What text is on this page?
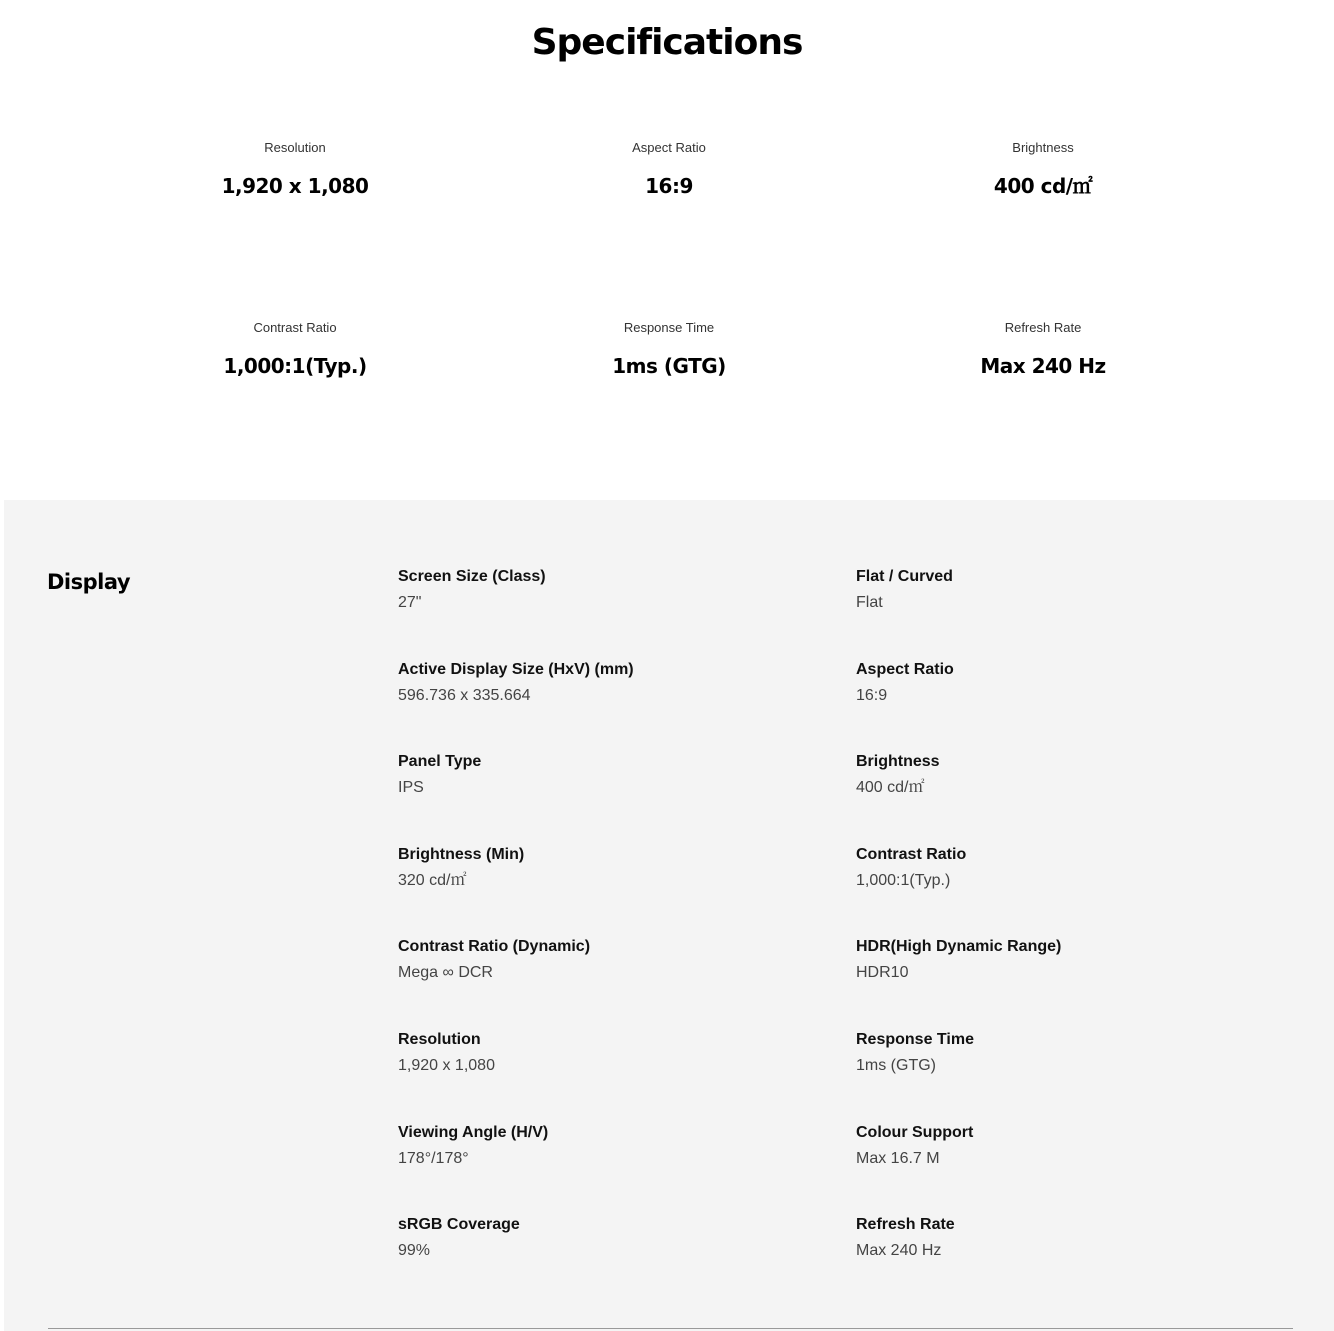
Specifications
Resolution
1,920 x 1,080
Aspect Ratio
16:9
Brightness
400 cd/㎡
Contrast Ratio
1,000:1(Typ.)
Response Time
1ms (GTG)
Refresh Rate
Max 240 Hz
Display	Screen Size (Class)
27"
Flat / Curved
Flat
Active Display Size (HxV) (mm)
596.736 x 335.664
Aspect Ratio
16:9
Panel Type
IPS
Brightness
400 cd/㎡
Brightness (Min)
320 cd/㎡
Contrast Ratio
1,000:1(Typ.)
Contrast Ratio (Dynamic)
Mega ∞ DCR
HDR(High Dynamic Range)
HDR10
Resolution
1,920 x 1,080
Response Time
1ms (GTG)
Viewing Angle (H/V)
178°/178°
Colour Support
Max 16.7 M
sRGB Coverage
99%
Refresh Rate
Max 240 Hz
